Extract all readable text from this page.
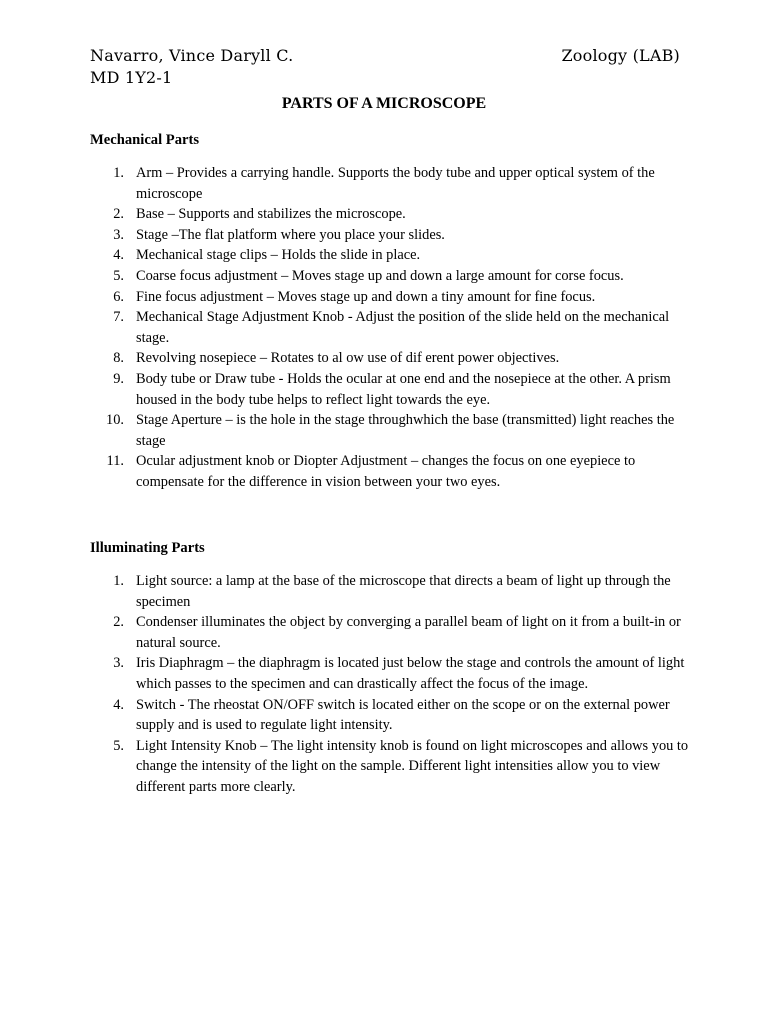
Navarro, Vince Daryll C.	Zoology (LAB)
MD 1Y2-1
PARTS OF A MICROSCOPE
Mechanical Parts
1. Arm – Provides a carrying handle. Supports the body tube and upper optical system of the microscope
2. Base – Supports and stabilizes the microscope.
3. Stage –The flat platform where you place your slides.
4. Mechanical stage clips – Holds the slide in place.
5. Coarse focus adjustment – Moves stage up and down a large amount for corse focus.
6. Fine focus adjustment – Moves stage up and down a tiny amount for fine focus.
7. Mechanical Stage Adjustment Knob - Adjust the position of the slide held on the mechanical stage.
8. Revolving nosepiece – Rotates to al ow use of dif erent power objectives.
9. Body tube or Draw tube - Holds the ocular at one end and the nosepiece at the other. A prism housed in the body tube helps to reflect light towards the eye.
10. Stage Aperture – is the hole in the stage throughwhich the base (transmitted) light reaches the stage
11. Ocular adjustment knob or Diopter Adjustment – changes the focus on one eyepiece to compensate for the difference in vision between your two eyes.
Illuminating Parts
1. Light source: a lamp at the base of the microscope that directs a beam of light up through the specimen
2. Condenser illuminates the object by converging a parallel beam of light on it from a built-in or natural source.
3. Iris Diaphragm – the diaphragm is located just below the stage and controls the amount of light which passes to the specimen and can drastically affect the focus of the image.
4. Switch - The rheostat ON/OFF switch is located either on the scope or on the external power supply and is used to regulate light intensity.
5. Light Intensity Knob – The light intensity knob is found on light microscopes and allows you to change the intensity of the light on the sample. Different light intensities allow you to view different parts more clearly.
